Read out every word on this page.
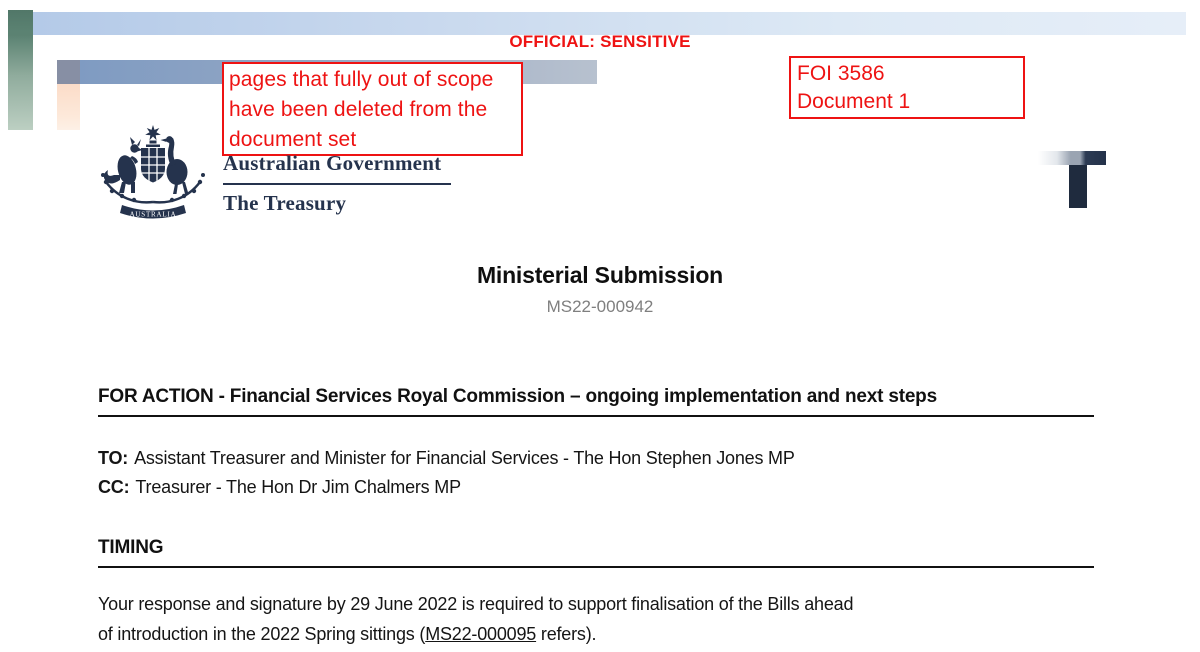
OFFICIAL: SENSITIVE
pages that fully out of scope have been deleted from the document set
FOI 3586
Document 1
AUSTRALIA
Australian Government
The Treasury
Ministerial Submission
MS22-000942
FOR ACTION - Financial Services Royal Commission – ongoing implementation and next steps
TO: Assistant Treasurer and Minister for Financial Services - The Hon Stephen Jones MP
CC: Treasurer - The Hon Dr Jim Chalmers MP
TIMING
Your response and signature by 29 June 2022 is required to support finalisation of the Bills ahead
of introduction in the 2022 Spring sittings (MS22-000095 refers).
